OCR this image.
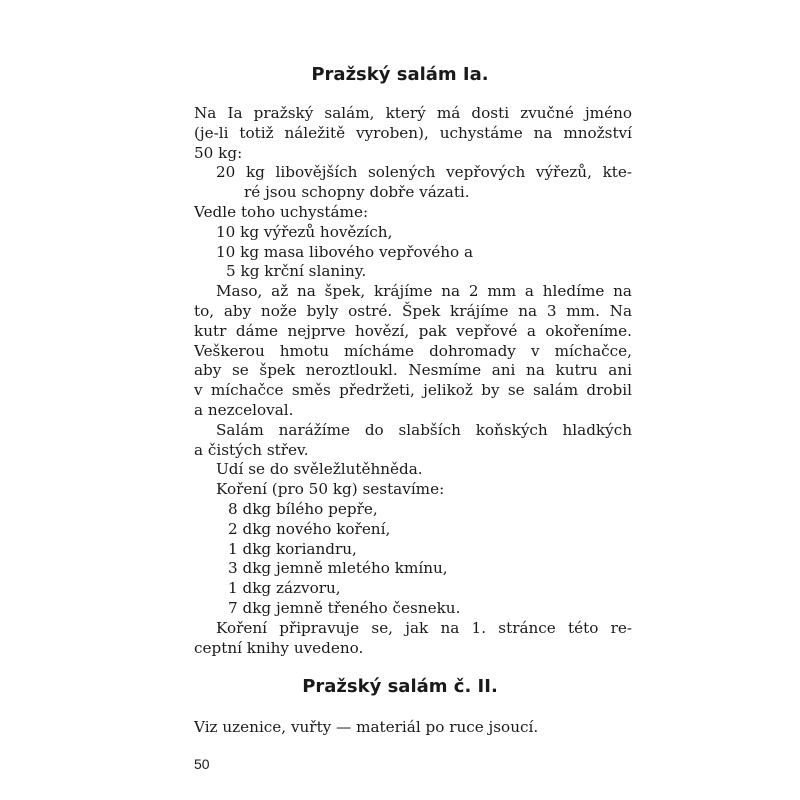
Pražský salám Ia.
Na Ia pražský salám, který má dosti zvučné jméno
(je-li totiž náležitě vyroben), uchystáme na množství
50 kg:
20 kg libovějších solených vepřových výřezů, kte-
ré jsou schopny dobře vázati.
Vedle toho uchystáme:
10 kg výřezů hovězích,
10 kg masa libového vepřového a
5 kg krční slaniny.
Maso, až na špek, krájíme na 2 mm a hledíme na
to, aby nože byly ostré. Špek krájíme na 3 mm. Na
kutr dáme nejprve hovězí, pak vepřové a okořeníme.
Veškerou hmotu mícháme dohromady v míchačce,
aby se špek neroztloukl. Nesmíme ani na kutru ani
v míchačce směs předržeti, jelikož by se salám drobil
a nezceloval.
Salám narážíme do slabších koňských hladkých
a čistých střev.
Udí se do svěležlutěhněda.
Koření (pro 50 kg) sestavíme:
8 dkg bílého pepře,
2 dkg nového koření,
1 dkg koriandru,
3 dkg jemně mletého kmínu,
1 dkg zázvoru,
7 dkg jemně třeného česneku.
Koření připravuje se, jak na 1. stránce této re-
ceptní knihy uvedeno.
Pražský salám č. II.
Viz uzenice, vuřty — materiál po ruce jsoucí.
50
